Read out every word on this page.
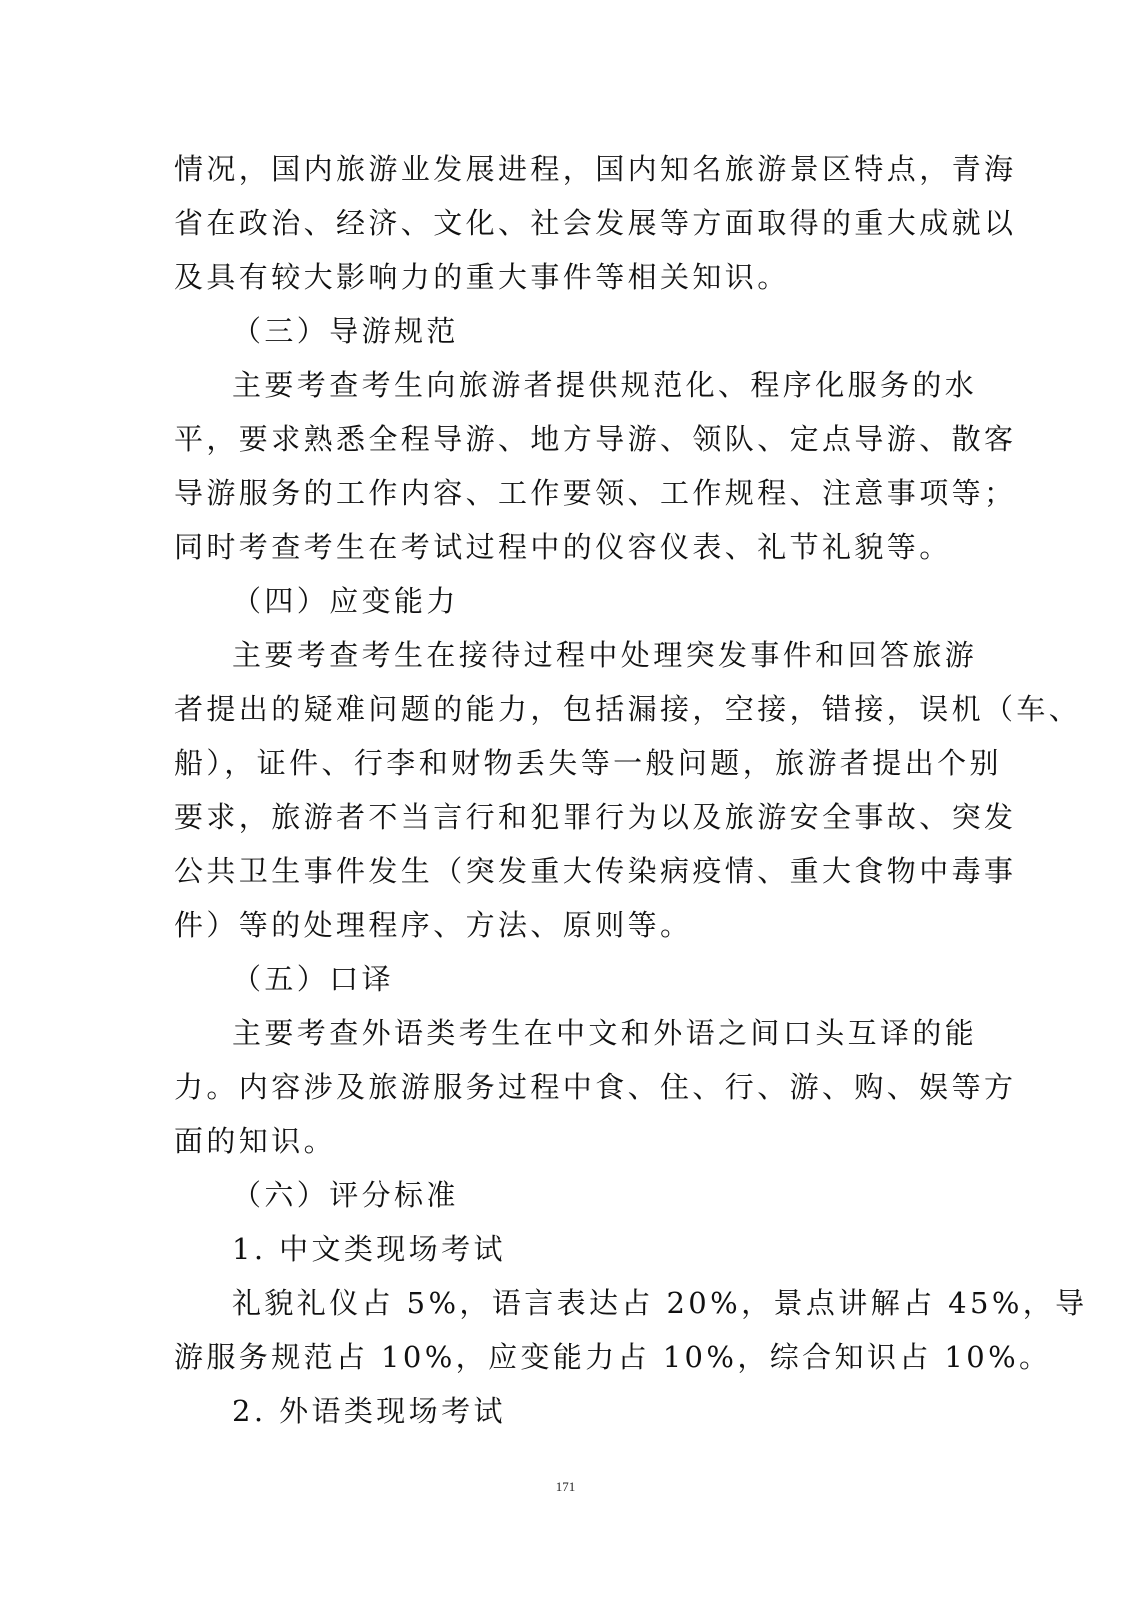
情况，国内旅游业发展进程，国内知名旅游景区特点，青海
省在政治、经济、文化、社会发展等方面取得的重大成就以
及具有较大影响力的重大事件等相关知识。
（三）导游规范
主要考查考生向旅游者提供规范化、程序化服务的水
平，要求熟悉全程导游、地方导游、领队、定点导游、散客
导游服务的工作内容、工作要领、工作规程、注意事项等；
同时考查考生在考试过程中的仪容仪表、礼节礼貌等。
（四）应变能力
主要考查考生在接待过程中处理突发事件和回答旅游
者提出的疑难问题的能力，包括漏接，空接，错接，误机（车、
船），证件、行李和财物丢失等一般问题，旅游者提出个别
要求，旅游者不当言行和犯罪行为以及旅游安全事故、突发
公共卫生事件发生（突发重大传染病疫情、重大食物中毒事
件）等的处理程序、方法、原则等。
（五）口译
主要考查外语类考生在中文和外语之间口头互译的能
力。内容涉及旅游服务过程中食、住、行、游、购、娱等方
面的知识。
（六）评分标准
1. 中文类现场考试
礼貌礼仪占 5%，语言表达占 20%，景点讲解占 45%，导
游服务规范占 10%，应变能力占 10%，综合知识占 10%。
2. 外语类现场考试
171
